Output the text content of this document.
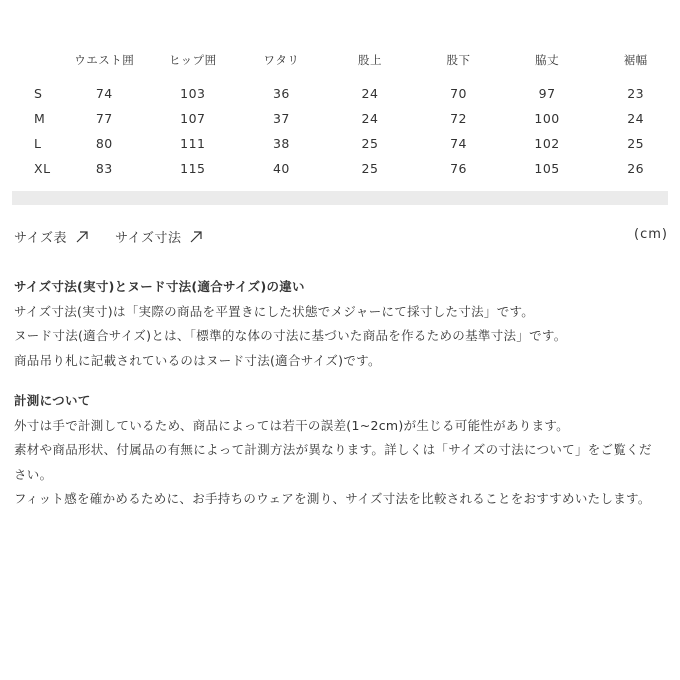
	ウエスト囲	ヒップ囲	ワタリ	股上	股下	脇丈	裾幅
S	74	103	36	24	70	97	23
M	77	107	37	24	72	100	24
L	80	111	38	25	74	102	25
XL	83	115	40	25	76	105	26
サイズ表	サイズ寸法	(cm)
サイズ寸法(実寸)とヌード寸法(適合サイズ)の違い

サイズ寸法(実寸)は「実際の商品を平置きにした状態でメジャーにて採寸した寸法」です。

ヌード寸法(適合サイズ)とは、「標準的な体の寸法に基づいた商品を作るための基準寸法」です。

商品吊り札に記載されているのはヌード寸法(適合サイズ)です。

計測について

外寸は手で計測しているため、商品によっては若干の誤差(1~2cm)が生じる可能性があります。

素材や商品形状、付属品の有無によって計測方法が異なります。詳しくは「サイズの寸法について」をご覧ください。

フィット感を確かめるために、お手持ちのウェアを測り、サイズ寸法を比較されることをおすすめいたします。
